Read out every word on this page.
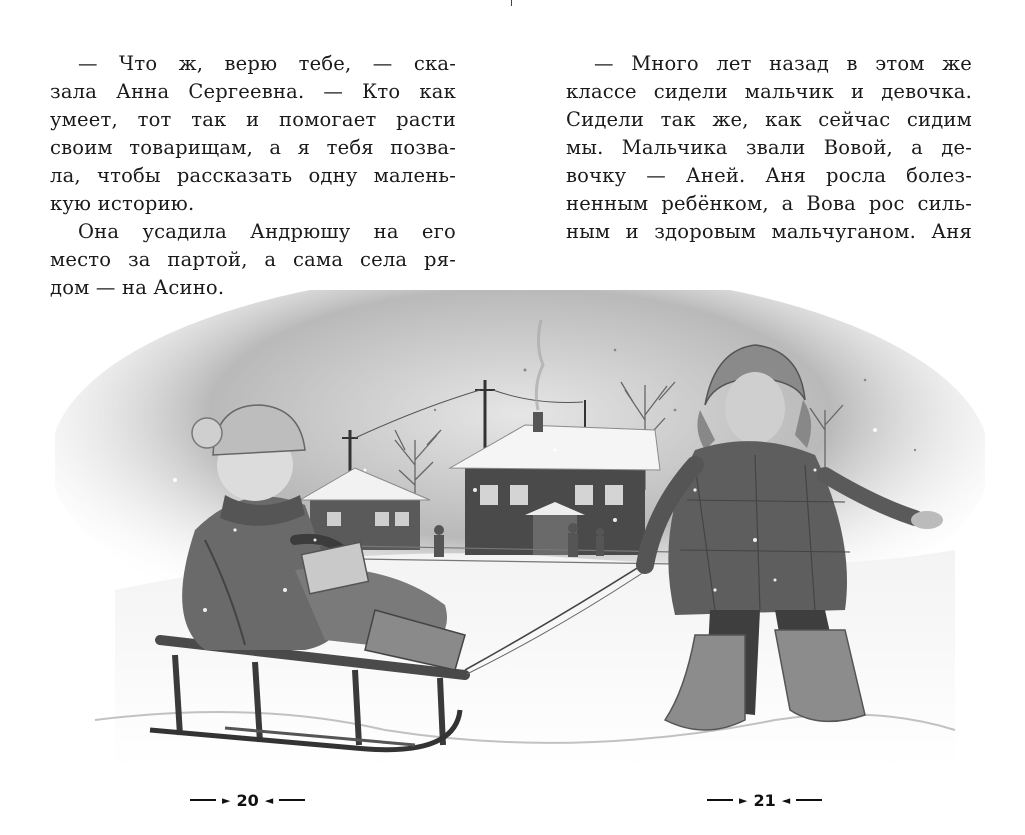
— Что ж, верю тебе, — ска-
зала Анна Сергеевна. — Кто как
умеет, тот так и помогает расти
своим товарищам, а я тебя позва-
ла, чтобы рассказать одну малень-
кую историю.

Она усадила Андрюшу на его
место за партой, а сама села ря-
дом — на Асино.

— Много лет назад в этом же
классе сидели мальчик и девочка.
Сидели так же, как сейчас сидим
мы. Мальчика звали Вовой, а де-
вочку — Аней. Аня росла болез-
ненным ребёнком, а Вова рос силь-
ным и здоровым мальчуганом. Аня

► 20 ◄	► 21 ◄
